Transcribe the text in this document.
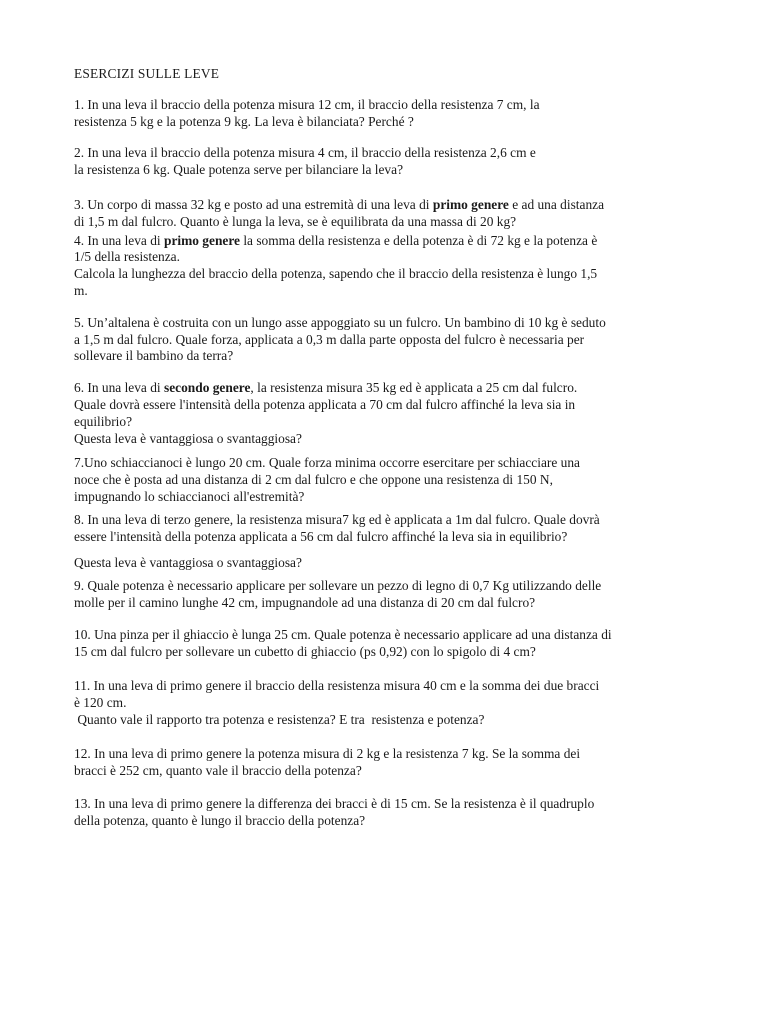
ESERCIZI SULLE LEVE

1. In una leva il braccio della potenza misura 12 cm, il braccio della resistenza 7 cm, la
resistenza 5 kg e la potenza 9 kg. La leva è bilanciata? Perché ?

2. In una leva il braccio della potenza misura 4 cm, il braccio della resistenza 2,6 cm e
la resistenza 6 kg. Quale potenza serve per bilanciare la leva?

3. Un corpo di massa 32 kg e posto ad una estremità di una leva di primo genere e ad una distanza
di 1,5 m dal fulcro. Quanto è lunga la leva, se è equilibrata da una massa di 20 kg?

4. In una leva di primo genere la somma della resistenza e della potenza è di 72 kg e la potenza è
1/5 della resistenza.
Calcola la lunghezza del braccio della potenza, sapendo che il braccio della resistenza è lungo 1,5
m.

5. Un’altalena è costruita con un lungo asse appoggiato su un fulcro. Un bambino di 10 kg è seduto
a 1,5 m dal fulcro. Quale forza, applicata a 0,3 m dalla parte opposta del fulcro è necessaria per
sollevare il bambino da terra?

6. In una leva di secondo genere, la resistenza misura 35 kg ed è applicata a 25 cm dal fulcro.
Quale dovrà essere l'intensità della potenza applicata a 70 cm dal fulcro affinché la leva sia in
equilibrio?
Questa leva è vantaggiosa o svantaggiosa?

7.Uno schiaccianoci è lungo 20 cm. Quale forza minima occorre esercitare per schiacciare una
noce che è posta ad una distanza di 2 cm dal fulcro e che oppone una resistenza di 150 N,
impugnando lo schiaccianoci all'estremità?

8. In una leva di terzo genere, la resistenza misura7 kg ed è applicata a 1m dal fulcro. Quale dovrà
essere l'intensità della potenza applicata a 56 cm dal fulcro affinché la leva sia in equilibrio?
Questa leva è vantaggiosa o svantaggiosa?

9. Quale potenza è necessario applicare per sollevare un pezzo di legno di 0,7 Kg utilizzando delle
molle per il camino lunghe 42 cm, impugnandole ad una distanza di 20 cm dal fulcro?

10. Una pinza per il ghiaccio è lunga 25 cm. Quale potenza è necessario applicare ad una distanza di
15 cm dal fulcro per sollevare un cubetto di ghiaccio (ps 0,92) con lo spigolo di 4 cm?

11. In una leva di primo genere il braccio della resistenza misura 40 cm e la somma dei due bracci
è 120 cm.
Quanto vale il rapporto tra potenza e resistenza? E tra  resistenza e potenza?

12. In una leva di primo genere la potenza misura di 2 kg e la resistenza 7 kg. Se la somma dei
bracci è 252 cm, quanto vale il braccio della potenza?

13. In una leva di primo genere la differenza dei bracci è di 15 cm. Se la resistenza è il quadruplo
della potenza, quanto è lungo il braccio della potenza?
